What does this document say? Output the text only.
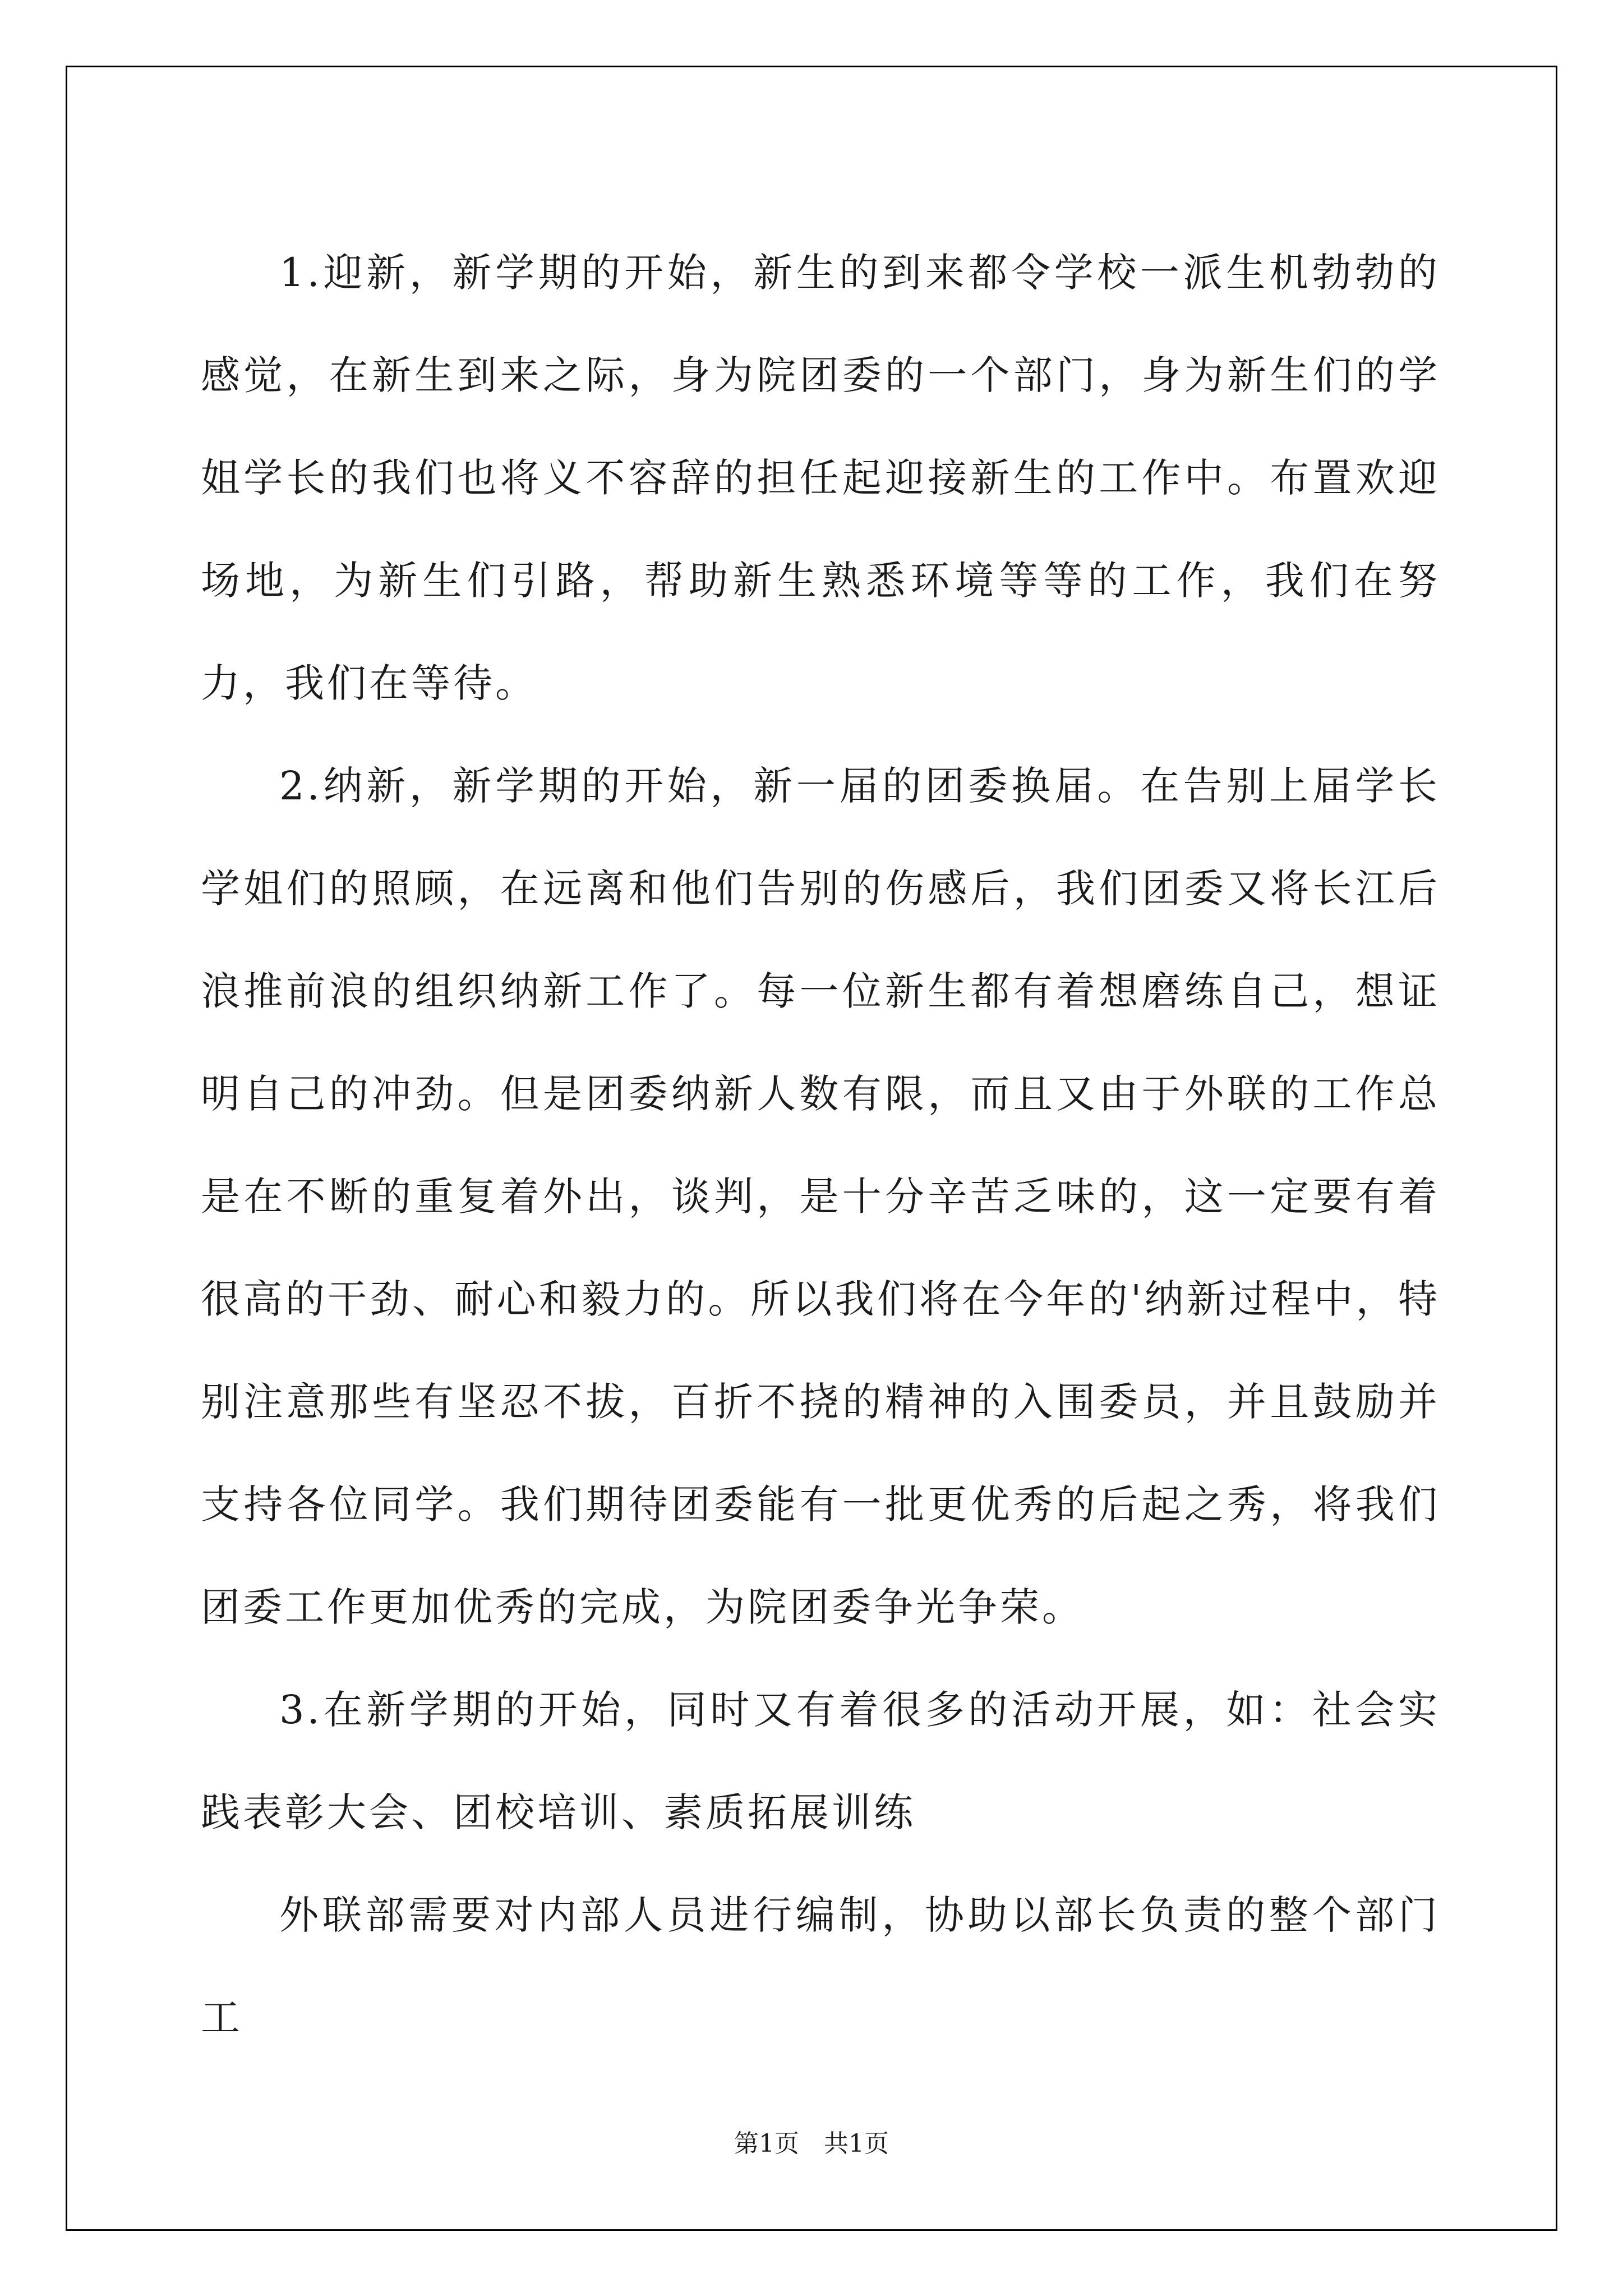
1.迎新，新学期的开始，新生的到来都令学校一派生机勃勃的感觉，在新生到来之际，身为院团委的一个部门，身为新生们的学姐学长的我们也将义不容辞的担任起迎接新生的工作中。布置欢迎场地，为新生们引路，帮助新生熟悉环境等等的工作，我们在努力，我们在等待。

2.纳新，新学期的开始，新一届的团委换届。在告别上届学长学姐们的照顾，在远离和他们告别的伤感后，我们团委又将长江后浪推前浪的组织纳新工作了。每一位新生都有着想磨练自己，想证明自己的冲劲。但是团委纳新人数有限，而且又由于外联的工作总是在不断的重复着外出，谈判，是十分辛苦乏味的，这一定要有着很高的干劲、耐心和毅力的。所以我们将在今年的'纳新过程中，特别注意那些有坚忍不拔，百折不挠的精神的入围委员，并且鼓励并支持各位同学。我们期待团委能有一批更优秀的后起之秀，将我们团委工作更加优秀的完成，为院团委争光争荣。

3.在新学期的开始，同时又有着很多的活动开展，如：社会实践表彰大会、团校培训、素质拓展训练

外联部需要对内部人员进行编制，协助以部长负责的整个部门工

第1页　共1页
